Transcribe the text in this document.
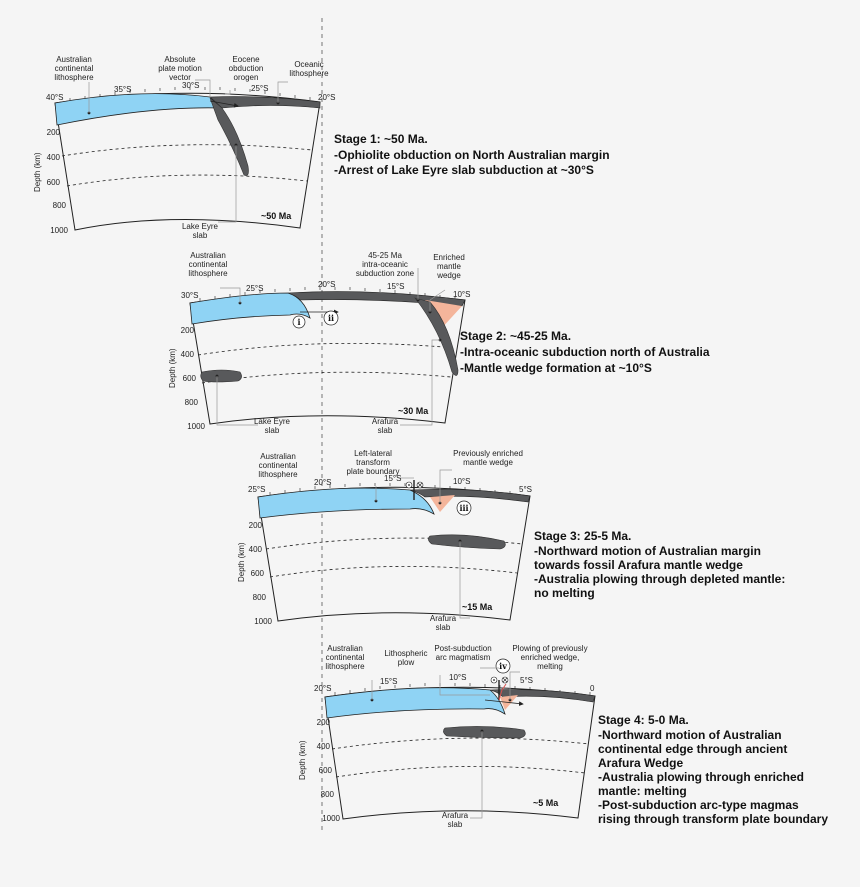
Australian continental lithosphere
Absolute plate motion vector
Eocene obduction orogen
Oceanic lithosphere
Lake Eyre slab
40°S
35°S	30°S	25°S
20°S
200
400
600
800
1000
Depth (km)
~50 Ma
Stage 1: ~50 Ma.
-Ophiolite obduction on North Australian margin
-Arrest of Lake Eyre slab subduction at ~30°S
i	ii
Australian continental lithosphere
45-25 Ma intra-oceanic subduction zone
Enriched mantle wedge
Lake Eyre slab
Arafura slab
30°S
25°S	20°S	15°S
10°S
200
400
600
800
1000
Depth (km)
~30 Ma
Stage 2: ~45-25 Ma.
-Intra-oceanic subduction north of Australia
-Mantle wedge formation at ~10°S
iii
Australian continental lithosphere
Left-lateral transform plate boundary
Previously enriched mantle wedge
Arafura slab
25°S
20°S	15°S	10°S
5°S
200
400
600
800
1000
Depth (km)
~15 Ma
Stage 3: 25-5 Ma.
-Northward motion of Australian margin
towards fossil Arafura mantle wedge
-Australia plowing through depleted mantle:
no melting
iv
Australian continental lithosphere
Lithospheric plow
Post-subduction arc magmatism
Plowing of previously enriched wedge, melting
Arafura slab
20°S
15°S	10°S	5°S
0
200
400
600
800
1000
Depth (km)
~5 Ma
Stage 4: 5-0 Ma.
-Northward motion of Australian
continental edge through ancient
Arafura Wedge
-Australia plowing through enriched
mantle: melting
-Post-subduction arc-type magmas
rising through transform plate boundary
